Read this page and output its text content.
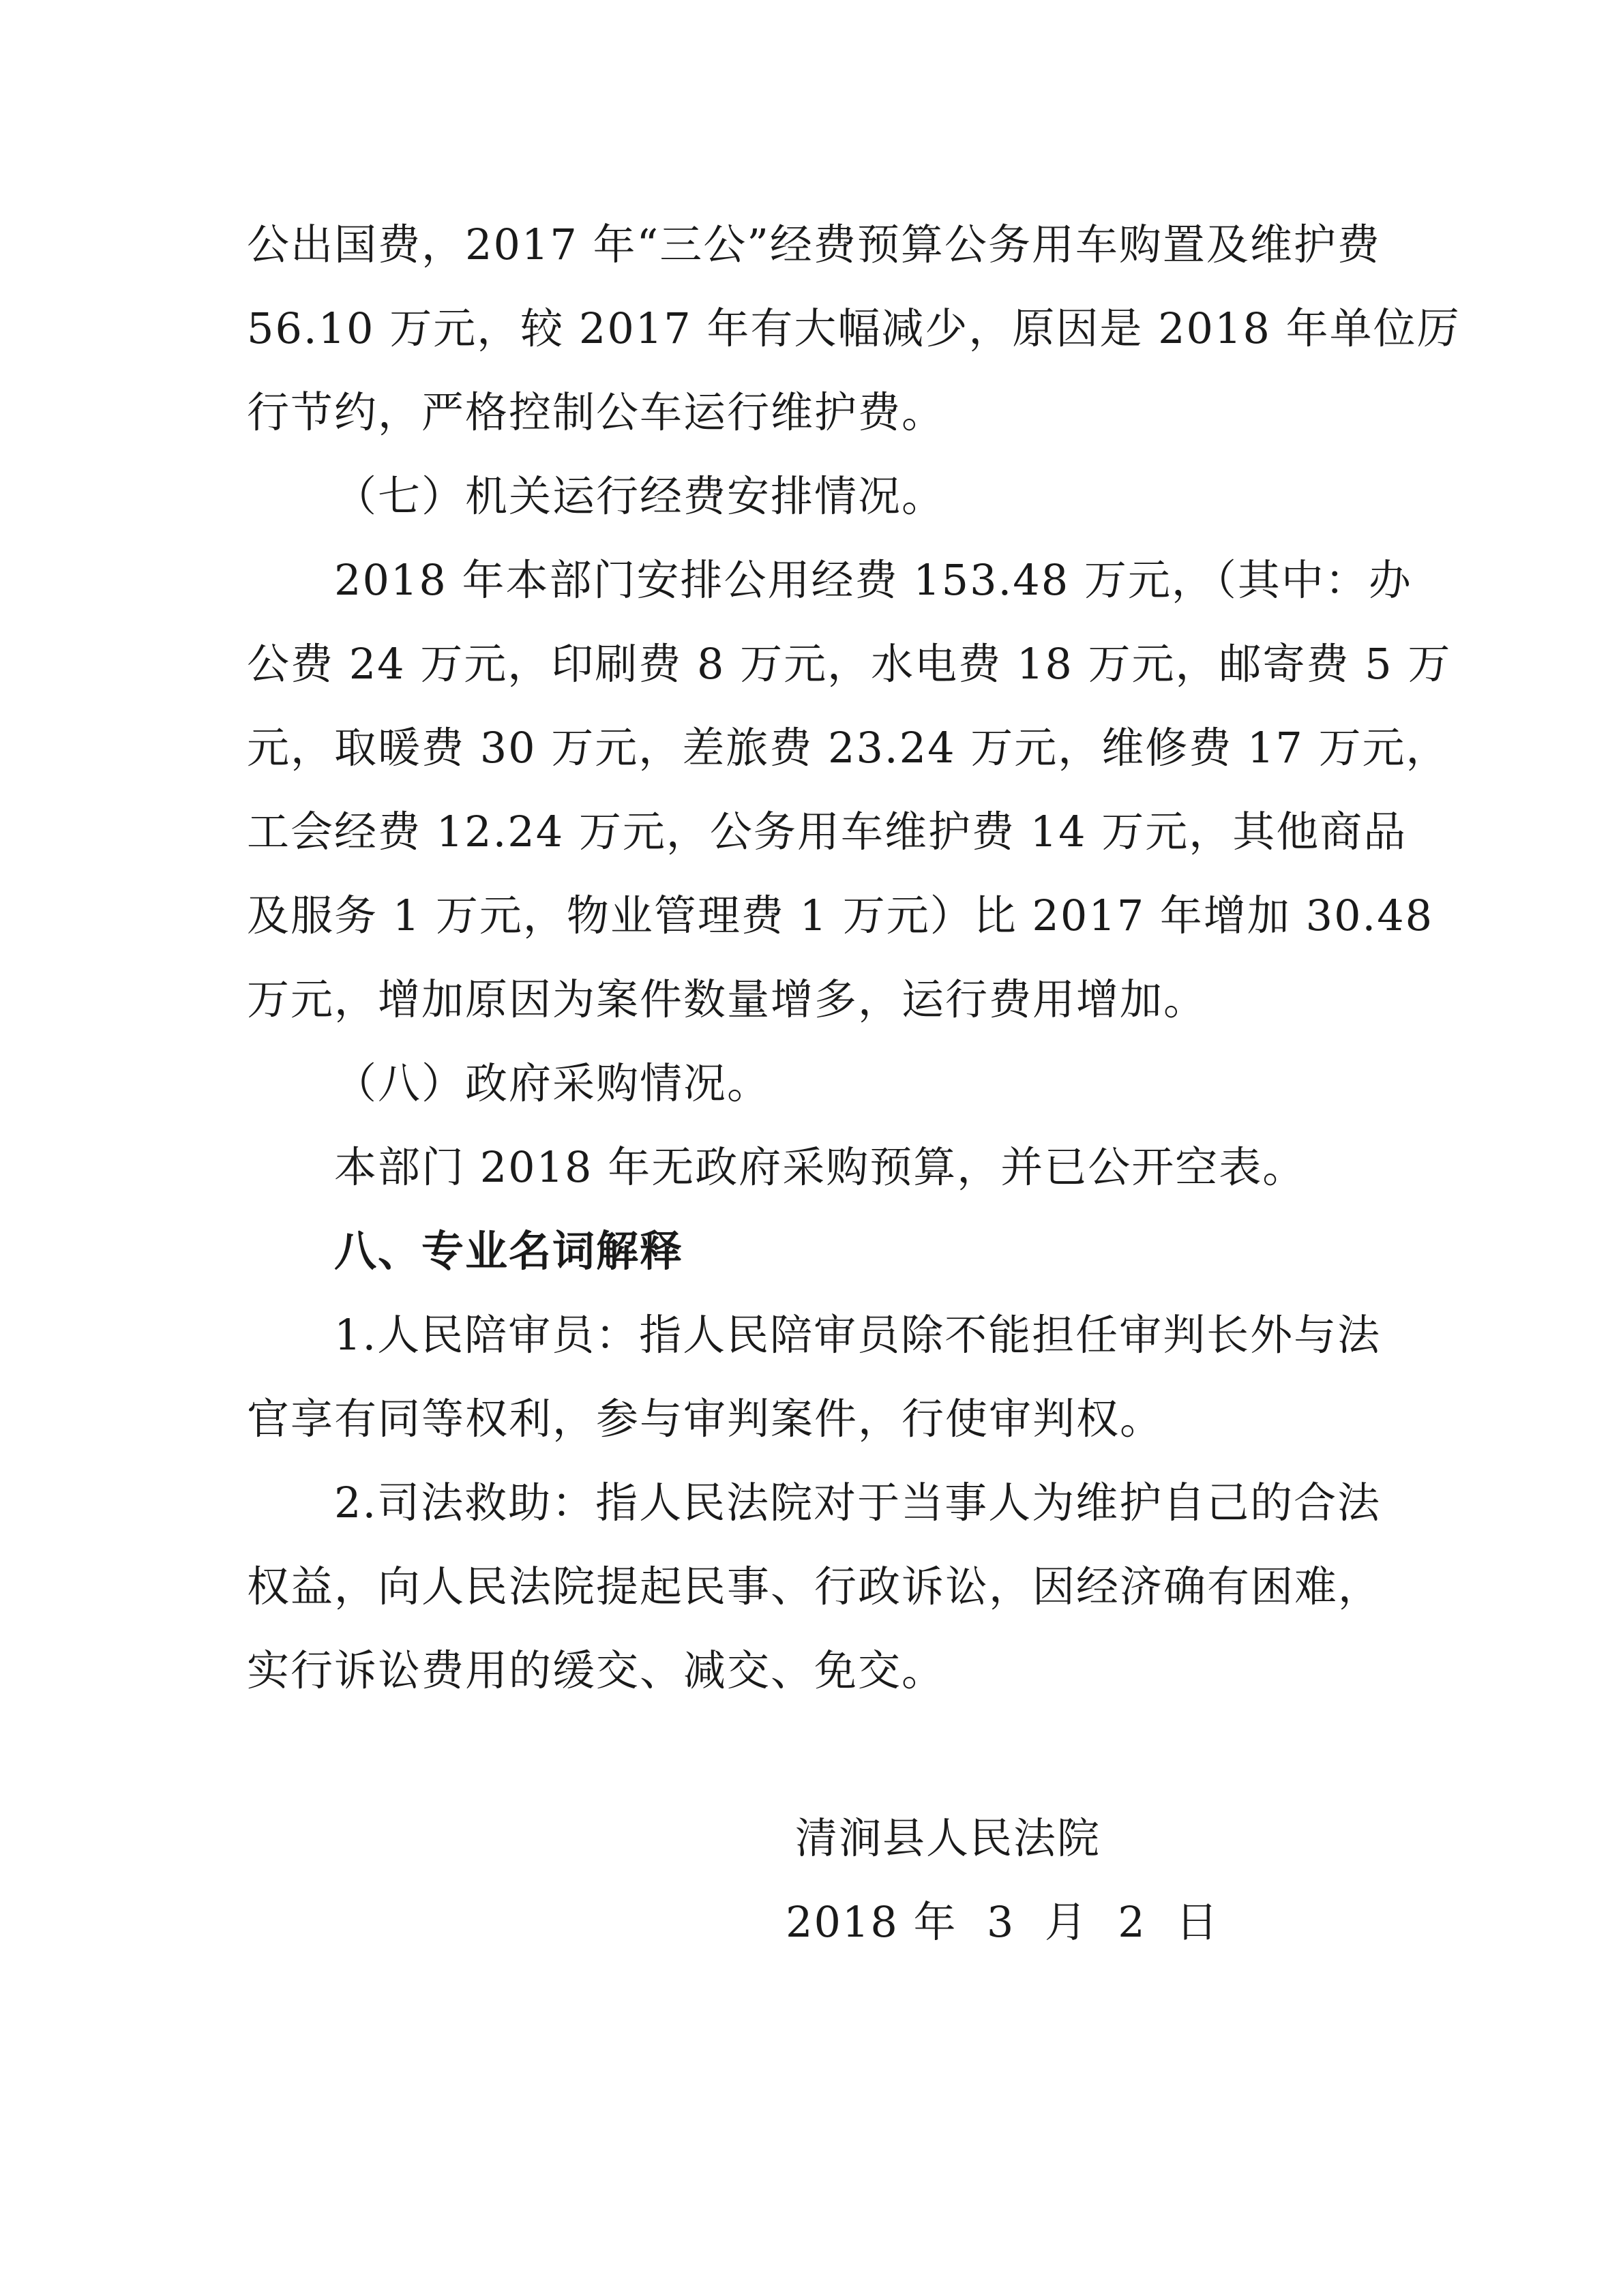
公出国费，2017 年“三公”经费预算公务用车购置及维护费
56.10 万元，较 2017 年有大幅减少，原因是 2018 年单位厉
行节约，严格控制公车运行维护费。
（七）机关运行经费安排情况。
2018 年本部门安排公用经费 153.48 万元，（其中：办
公费 24 万元，印刷费 8 万元，水电费 18 万元，邮寄费 5 万
元，取暖费 30 万元，差旅费 23.24 万元，维修费 17 万元，
工会经费 12.24 万元，公务用车维护费 14 万元，其他商品
及服务 1 万元，物业管理费 1 万元）比 2017 年增加 30.48
万元，增加原因为案件数量增多，运行费用增加。
（八）政府采购情况。
本部门 2018 年无政府采购预算，并已公开空表。
八、专业名词解释
1.人民陪审员：指人民陪审员除不能担任审判长外与法
官享有同等权利，参与审判案件，行使审判权。
2.司法救助：指人民法院对于当事人为维护自己的合法
权益，向人民法院提起民事、行政诉讼，因经济确有困难，
实行诉讼费用的缓交、减交、免交。
清涧县人民法院
2018 年  3  月  2  日
